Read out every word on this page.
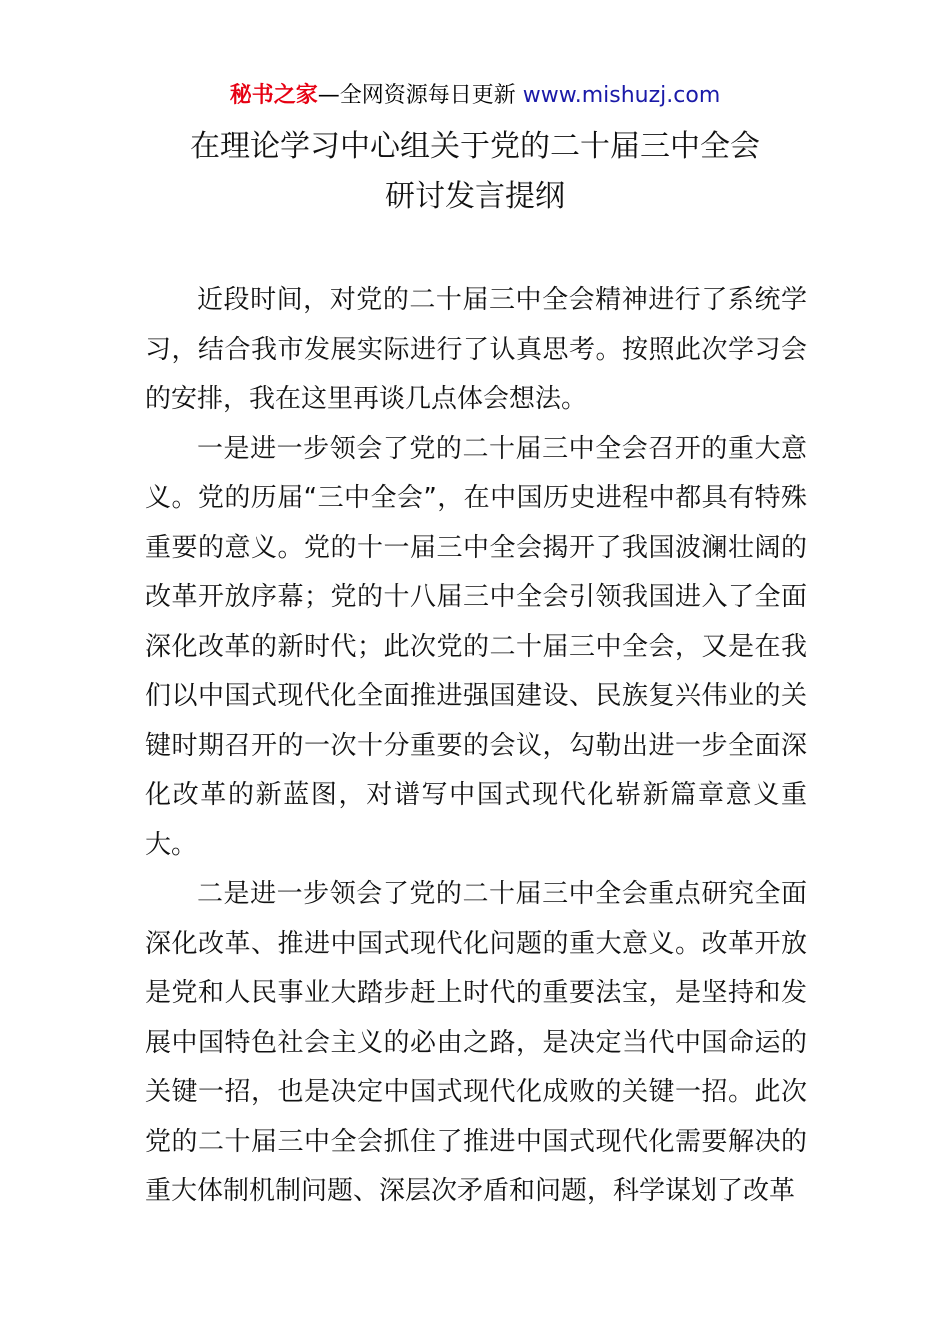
秘书之家—全网资源每日更新 www.mishuzj.com
在理论学习中心组关于党的二十届三中全会
研讨发言提纲

近段时间，对党的二十届三中全会精神进行了系统学习，结合我市发展实际进行了认真思考。按照此次学习会的安排，我在这里再谈几点体会想法。

一是进一步领会了党的二十届三中全会召开的重大意义。党的历届“三中全会”，在中国历史进程中都具有特殊重要的意义。党的十一届三中全会揭开了我国波澜壮阔的改革开放序幕；党的十八届三中全会引领我国进入了全面深化改革的新时代；此次党的二十届三中全会，又是在我们以中国式现代化全面推进强国建设、民族复兴伟业的关键时期召开的一次十分重要的会议，勾勒出进一步全面深化改革的新蓝图，对谱写中国式现代化崭新篇章意义重大。

二是进一步领会了党的二十届三中全会重点研究全面深化改革、推进中国式现代化问题的重大意义。改革开放是党和人民事业大踏步赶上时代的重要法宝，是坚持和发展中国特色社会主义的必由之路，是决定当代中国命运的关键一招，也是决定中国式现代化成败的关键一招。此次党的二十届三中全会抓住了推进中国式现代化需要解决的重大体制机制问题、深层次矛盾和问题，科学谋划了改革
